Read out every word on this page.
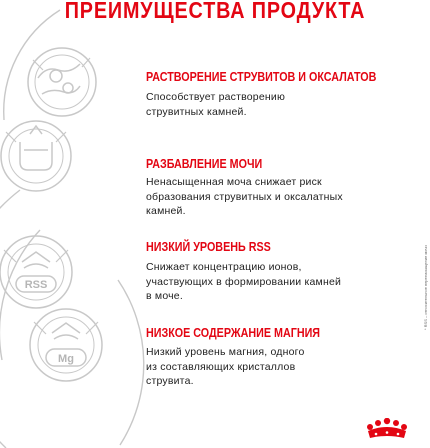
ПРЕИМУЩЕСТВА ПРОДУКТА
RSS
Mg
РАСТВОРЕНИЕ СТРУВИТОВ И ОКСАЛАТОВ
Способствует растворению
струвитных камней.
РАЗБАВЛЕНИЕ МОЧИ
Ненасыщенная моча снижает риск
образования струвитных и оксалатных
камней.
НИЗКИЙ УРОВЕНЬ RSS
Снижает концентрацию ионов,
участвующих в формировании камней
в моче.
НИЗКОЕ СОДЕРЖАНИЕ МАГНИЯ
Низкий уровень магния, одного
из составляющих кристаллов
струвита.
* RSS – относительное перенасыщение мочи
